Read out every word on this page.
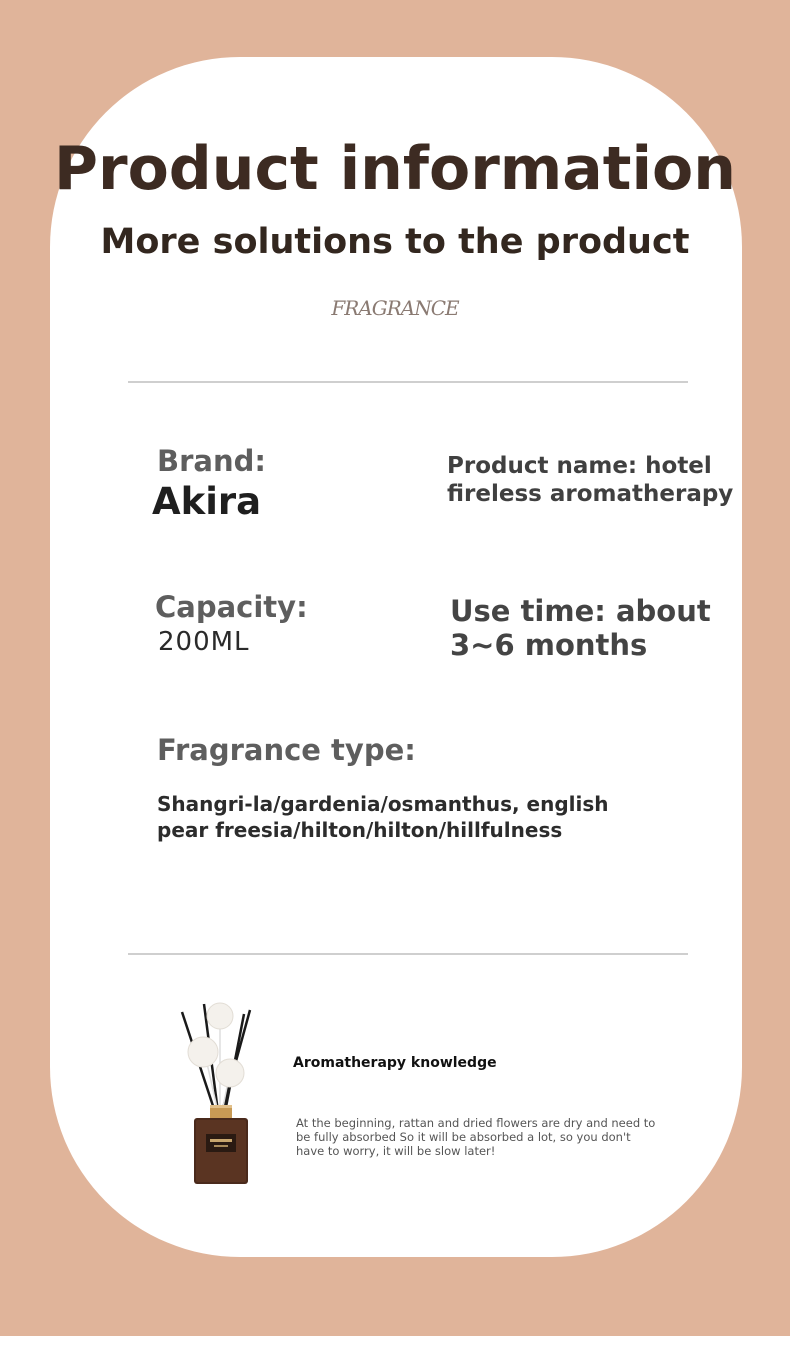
Product information
More solutions to the product
FRAGRANCE
Brand:
Akira
Product name: hotel fireless aromatherapy
Capacity:
200ML
Use time: about 3~6 months
Fragrance type:
Shangri-la/gardenia/osmanthus, english pear freesia/hilton/hilton/hillfulness
Aromatherapy knowledge
At the beginning, rattan and dried flowers are dry and need to be fully absorbed So it will be absorbed a lot, so you don't have to worry, it will be slow later!
